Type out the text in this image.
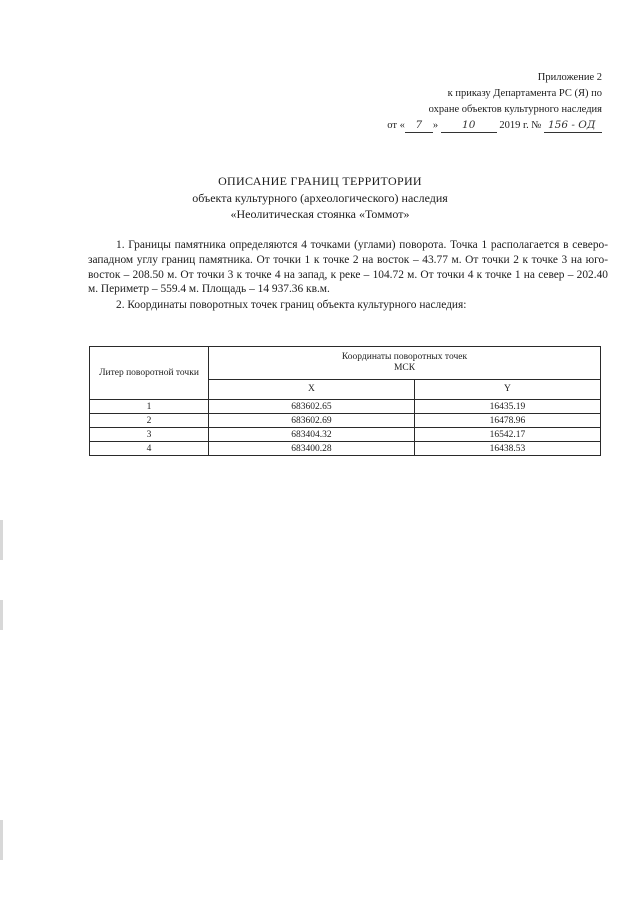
Приложение 2
к приказу Департамента РС (Я) по
охране объектов культурного наследия
от « 7 » 10 2019 г. № 156 - ОД
ОПИСАНИЕ ГРАНИЦ ТЕРРИТОРИИ
объекта культурного (археологического) наследия
«Неолитическая стоянка «Томмот»

1. Границы памятника определяются 4 точками (углами) поворота. Точка 1 располагается в северо-западном углу границ памятника. От точки 1 к точке 2 на восток – 43.77 м. От точки 2 к точке 3 на юго-восток – 208.50 м. От точки 3 к точке 4 на запад, к реке – 104.72 м. От точки 4 к точке 1 на север – 202.40 м. Периметр – 559.4 м. Площадь – 14 937.36 кв.м.

2. Координаты поворотных точек границ объекта культурного наследия:

Литер поворотной точки	Координаты поворотных точек
МСК	

	X	Y
1	683602.65	16435.19
2	683602.69	16478.96
3	683404.32	16542.17
4	683400.28	16438.53
